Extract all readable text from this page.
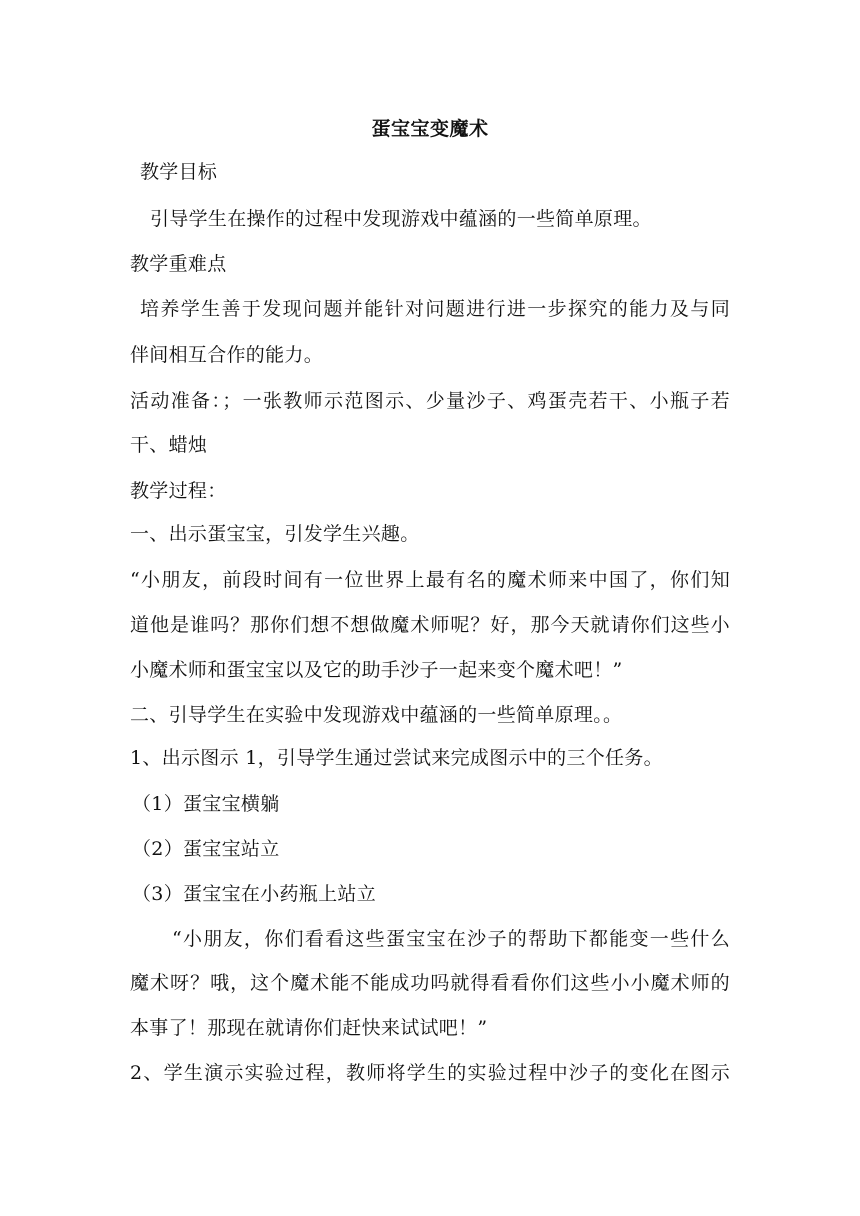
蛋宝宝变魔术
教学目标
引导学生在操作的过程中发现游戏中蕴涵的一些简单原理。
教学重难点
培养学生善于发现问题并能针对问题进行进一步探究的能力及与同
伴间相互合作的能力。
活动准备：；一张教师示范图示、少量沙子、鸡蛋壳若干、小瓶子若
干、蜡烛
教学过程：
一、出示蛋宝宝，引发学生兴趣。
“小朋友，前段时间有一位世界上最有名的魔术师来中国了，你们知
道他是谁吗？那你们想不想做魔术师呢？好，那今天就请你们这些小
小魔术师和蛋宝宝以及它的助手沙子一起来变个魔术吧！”
二、引导学生在实验中发现游戏中蕴涵的一些简单原理。。
1、出示图示 1，引导学生通过尝试来完成图示中的三个任务。
（1）蛋宝宝横躺
（2）蛋宝宝站立
（3）蛋宝宝在小药瓶上站立
“小朋友，你们看看这些蛋宝宝在沙子的帮助下都能变一些什么
魔术呀？哦，这个魔术能不能成功吗就得看看你们这些小小魔术师的
本事了！那现在就请你们赶快来试试吧！”
2、学生演示实验过程，教师将学生的实验过程中沙子的变化在图示
